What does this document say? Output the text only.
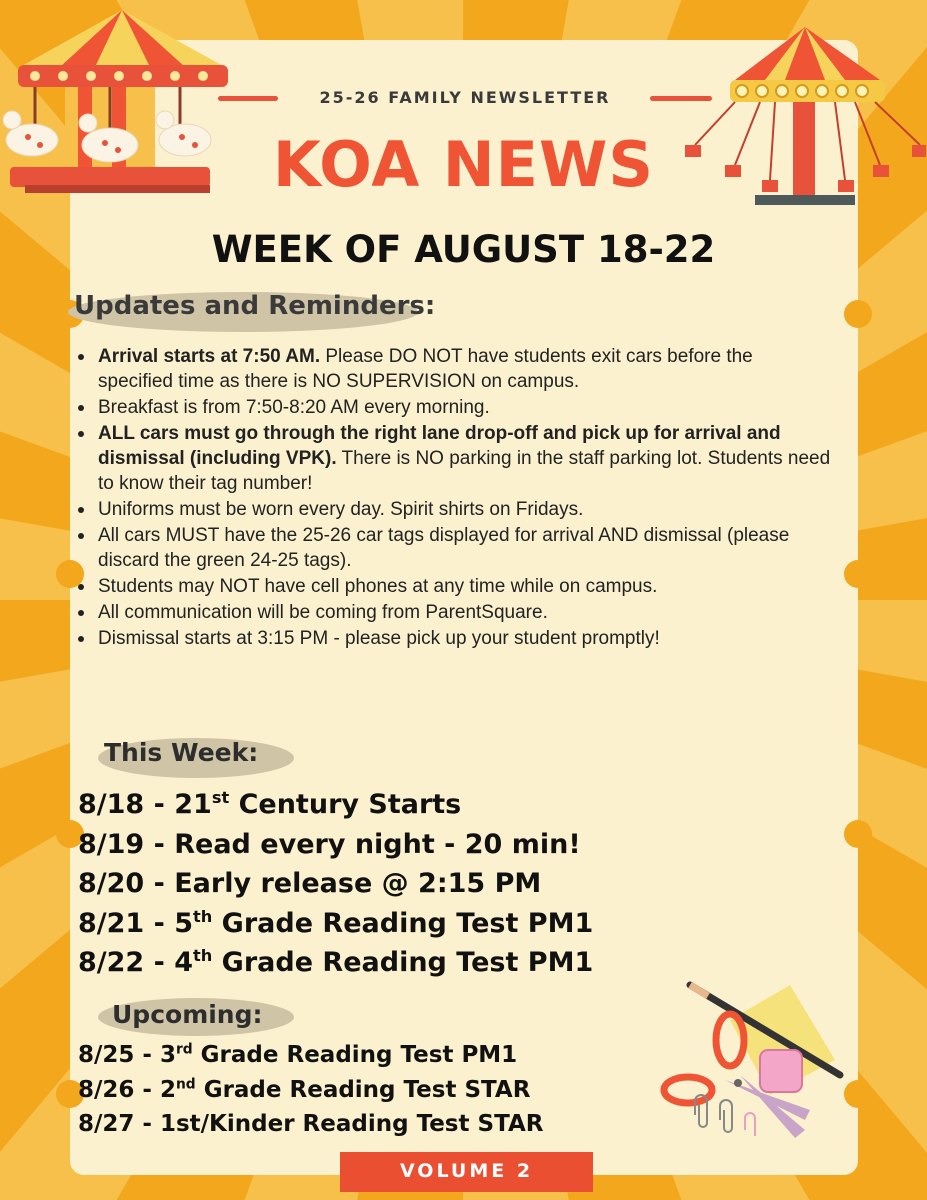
25-26 FAMILY NEWSLETTER

KOA NEWS

WEEK OF AUGUST 18-22

Updates and Reminders:

Arrival starts at 7:50 AM. Please DO NOT have students exit cars before the specified time as there is NO SUPERVISION on campus.
Breakfast is from 7:50-8:20 AM every morning.
ALL cars must go through the right lane drop-off and pick up for arrival and dismissal (including VPK). There is NO parking in the staff parking lot. Students need to know their tag number!
Uniforms must be worn every day. Spirit shirts on Fridays.
All cars MUST have the 25-26 car tags displayed for arrival AND dismissal (please discard the green 24-25 tags).
Students may NOT have cell phones at any time while on campus.
All communication will be coming from ParentSquare.
Dismissal starts at 3:15 PM - please pick up your student promptly!

This Week:

8/18 - 21st Century Starts
8/19 - Read every night - 20 min!
8/20 - Early release @ 2:15 PM
8/21 - 5th Grade Reading Test PM1
8/22 - 4th Grade Reading Test PM1

Upcoming:

8/25 - 3rd Grade Reading Test PM1
8/26 - 2nd Grade Reading Test STAR
8/27 - 1st/Kinder Reading Test STAR

VOLUME 2
